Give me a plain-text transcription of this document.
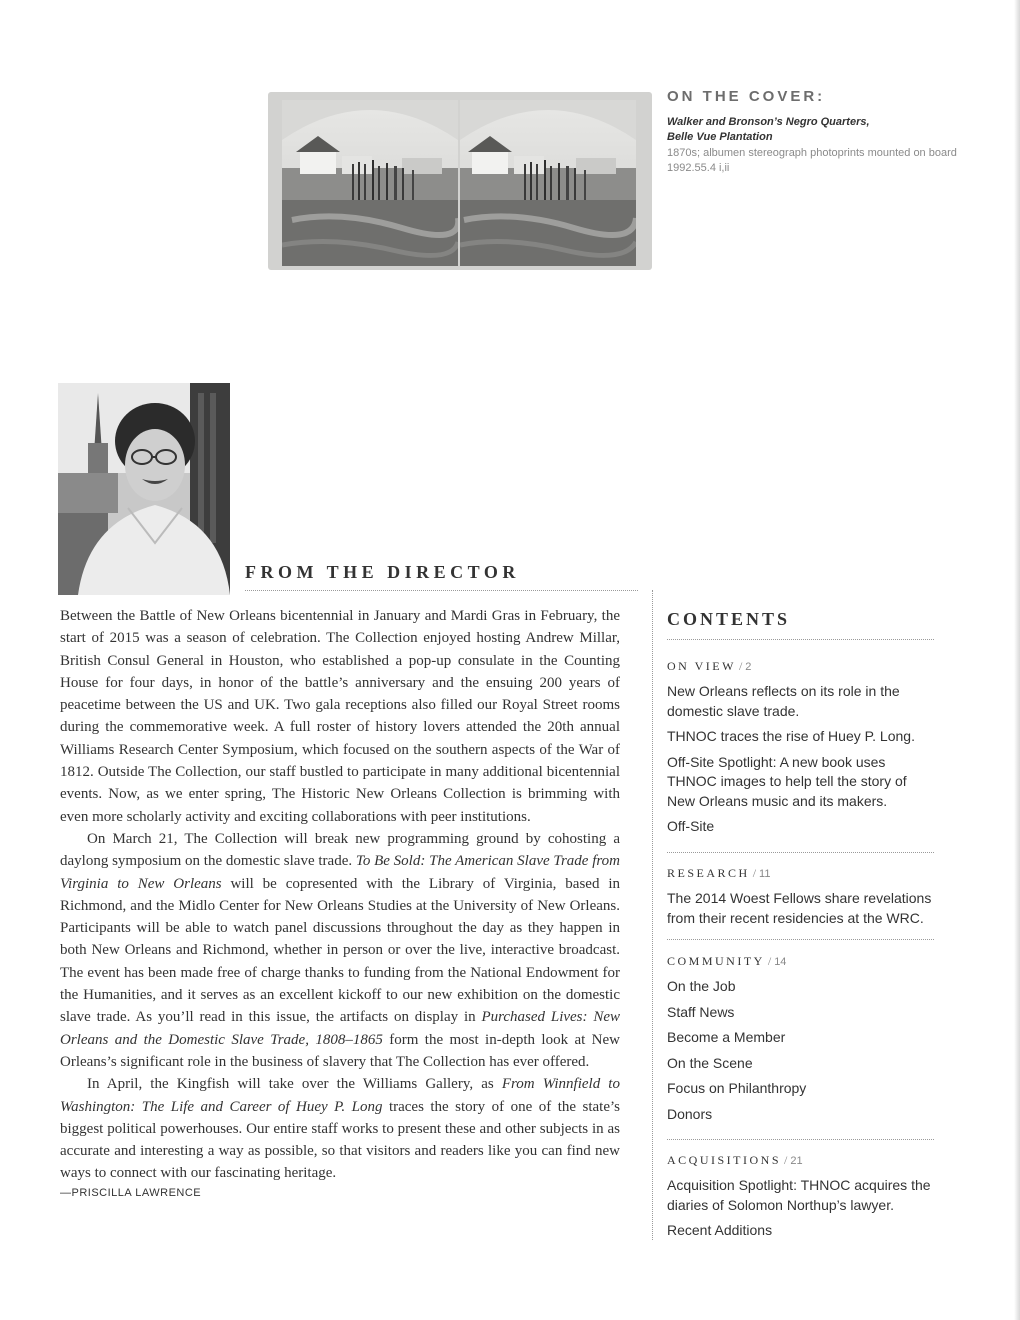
ON THE COVER:
Walker and Bronson’s Negro Quarters,
Belle Vue Plantation
1870s; albumen stereograph photoprints mounted on board
1992.55.4 i,ii
FROM THE DIRECTOR

Between the Battle of New Orleans bicentennial in January and Mardi Gras in February, the start of 2015 was a season of celebration. The Collection enjoyed hosting Andrew Millar, British Consul General in Houston, who established a pop-up consulate in the Counting House for four days, in honor of the battle’s anniversary and the ensuing 200 years of peacetime between the US and UK. Two gala receptions also filled our Royal Street rooms during the commemorative week. A full roster of history lovers attended the 20th annual Williams Research Center Symposium, which focused on the southern aspects of the War of 1812. Outside The Collection, our staff bustled to participate in many additional bicentennial events. Now, as we enter spring, The Historic New Orleans Collection is brimming with even more scholarly activity and exciting collaborations with peer institutions.

On March 21, The Collection will break new programming ground by cohosting a daylong symposium on the domestic slave trade. To Be Sold: The American Slave Trade from Virginia to New Orleans will be copresented with the Library of Virginia, based in Richmond, and the Midlo Center for New Orleans Studies at the University of New Orleans. Participants will be able to watch panel discussions throughout the day as they happen in both New Orleans and Richmond, whether in person or over the live, interactive broadcast. The event has been made free of charge thanks to funding from the National Endowment for the Humanities, and it serves as an excellent kickoff to our new exhibition on the domestic slave trade. As you’ll read in this issue, the artifacts on display in Purchased Lives: New Orleans and the Domestic Slave Trade, 1808–1865 form the most in-depth look at New Orleans’s significant role in the business of slavery that The Collection has ever offered.

In April, the Kingfish will take over the Williams Gallery, as From Winnfield to Washington: The Life and Career of Huey P. Long traces the story of one of the state’s biggest political powerhouses. Our entire staff works to present these and other subjects in as accurate and interesting a way as possible, so that visitors and readers like you can find new ways to connect with our fascinating heritage.

—PRISCILLA LAWRENCE

CONTENTS
ON VIEW / 2

New Orleans reflects on its role in the domestic slave trade.

THNOC traces the rise of Huey P. Long.

Off-Site Spotlight: A new book uses THNOC images to help tell the story of New Orleans music and its makers.

Off-Site

RESEARCH / 11

The 2014 Woest Fellows share revelations from their recent residencies at the WRC.

COMMUNITY / 14

On the Job

Staff News

Become a Member

On the Scene

Focus on Philanthropy

Donors

ACQUISITIONS / 21

Acquisition Spotlight: THNOC acquires the diaries of Solomon Northup’s lawyer.

Recent Additions
